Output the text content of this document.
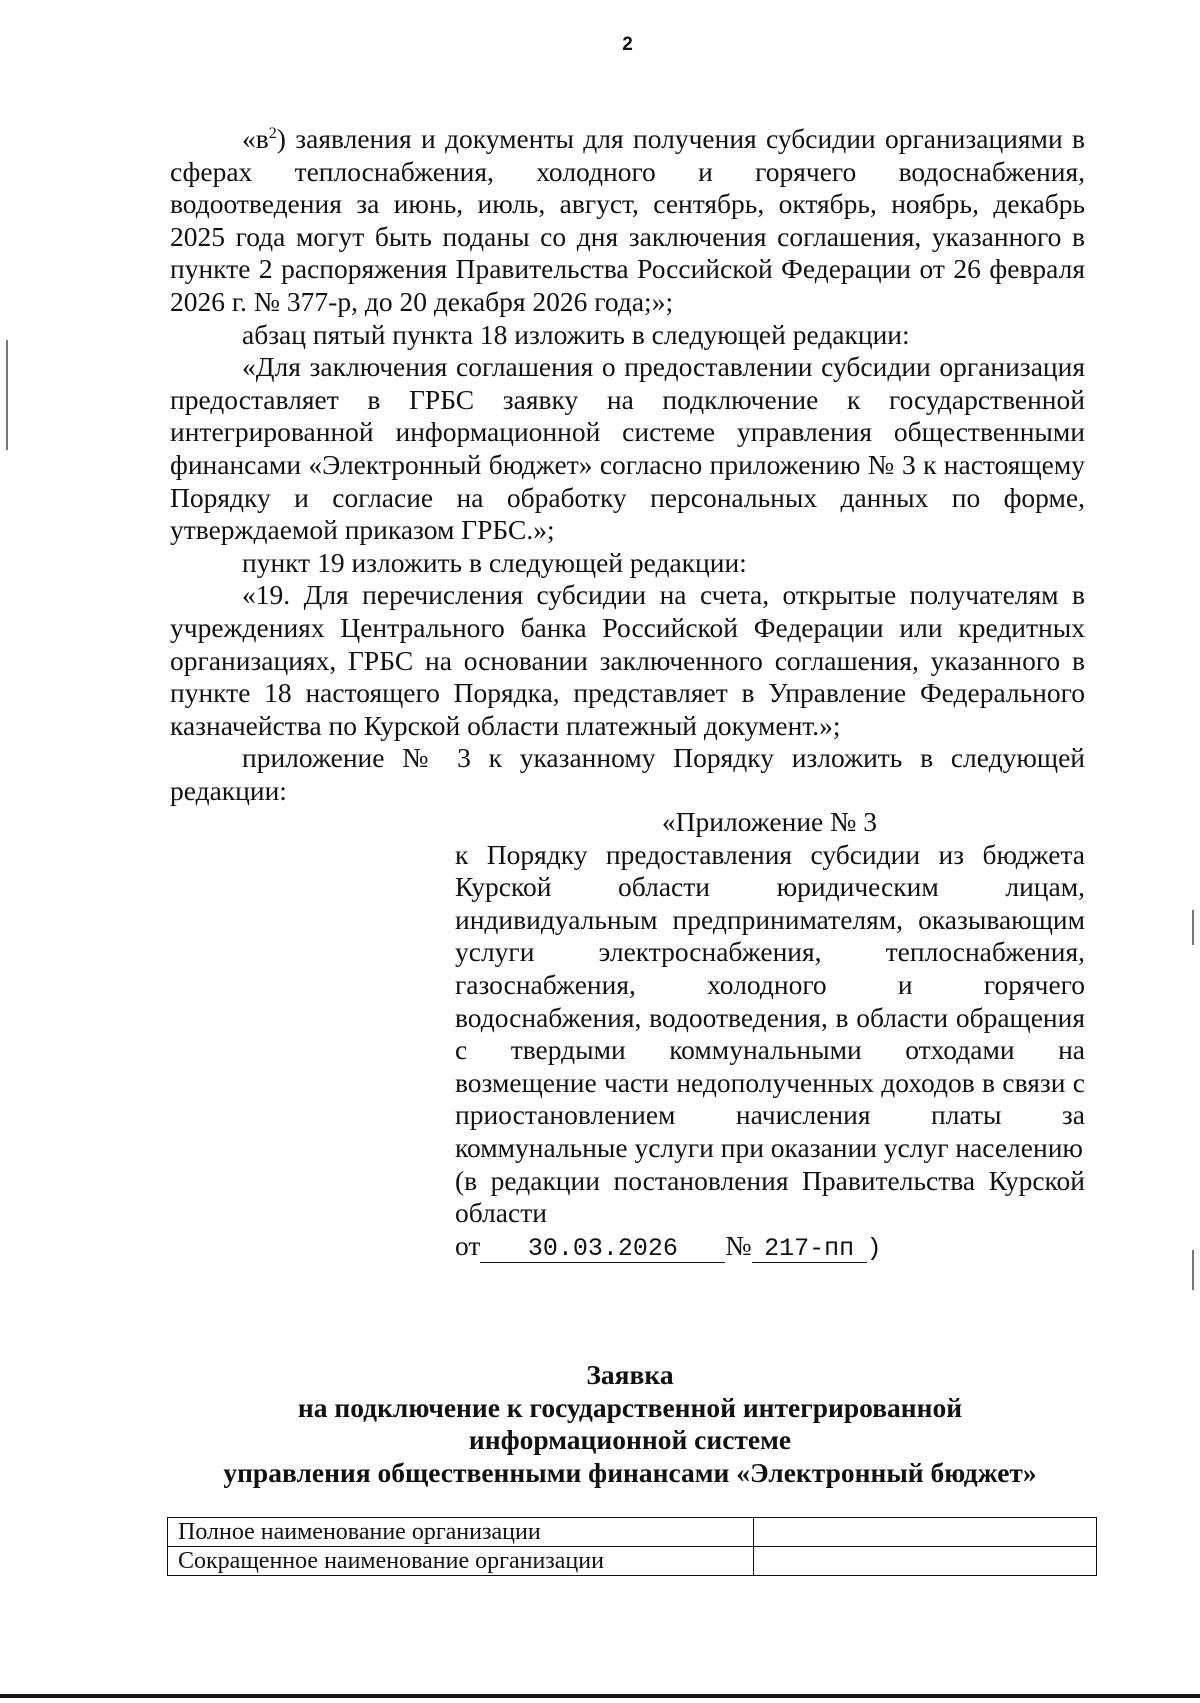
2

«$в^2$) заявления и документы для получения субсидии организациями в сферах теплоснабжения, холодного и горячего водоснабжения, водоотведения за июнь, июль, август, сентябрь, октябрь, ноябрь, декабрь 2025 года могут быть поданы со дня заключения соглашения, указанного в пункте 2 распоряжения Правительства Российской Федерации от 26 февраля 2026 г. № 377-р, до 20 декабря 2026 года;»;

абзац пятый пункта 18 изложить в следующей редакции:

«Для заключения соглашения о предоставлении субсидии организация предоставляет в ГРБС заявку на подключение к государственной интегрированной информационной системе управления общественными финансами «Электронный бюджет» согласно приложению № 3 к настоящему Порядку и согласие на обработку персональных данных по форме, утверждаемой приказом ГРБС.»;

пункт 19 изложить в следующей редакции:

«19. Для перечисления субсидии на счета, открытые получателям в учреждениях Центрального банка Российской Федерации или кредитных организациях, ГРБС на основании заключенного соглашения, указанного в пункте 18 настоящего Порядка, представляет в Управление Федерального казначейства по Курской области платежный документ.»;

приложение № 3 к указанному Порядку изложить в следующей редакции:

«Приложение № 3

к Порядку предоставления субсидии из бюджета Курской области юридическим лицам, индивидуальным предпринимателям, оказывающим услуги электроснабжения, теплоснабжения, газоснабжения, холодного и горячего водоснабжения, водоотведения, в области обращения с твердыми коммунальными отходами на возмещение части недополученных доходов в связи с приостановлением начисления платы за коммунальные услуги при оказании услуг населению

(в редакции постановления Правительства Курской области

от 30.03.2026 № 217-пп )

Заявка
на подключение к государственной интегрированной
информационной системе
управления общественными финансами «Электронный бюджет»
Полное наименование организации	
Сокращенное наименование организации	
